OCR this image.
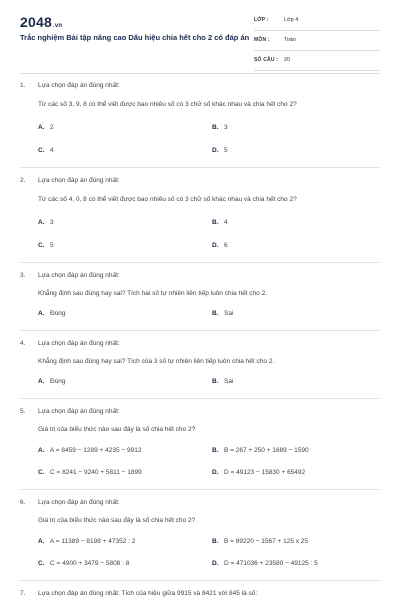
2048.vn
Trắc nghiệm Bài tập nâng cao Dấu hiệu chia hết cho 2 có đáp án
LỚP :	Lớp 4
MÔN :	Toán
SỐ CÂU : 20
1. Lựa chọn đáp án đúng nhất:
Từ các số 3, 9, 8 có thể viết được bao nhiêu số có 3 chữ số khác nhau và chia hết cho 2?
A. 2	B. 3
C. 4	D. 5
2. Lựa chọn đáp án đúng nhất:
Từ các số 4, 0, 8 có thể viết được bao nhiêu số có 3 chữ số khác nhau và chia hết cho 2?
A. 3	B. 4
C. 5	D. 6
3. Lựa chọn đáp án đúng nhất:
Khẳng định sau đúng hay sai? Tích hai số tự nhiên liên tiếp luôn chia hết cho 2.
A. Đúng	B. Sai
4. Lựa chọn đáp án đúng nhất:
Khẳng định sau đúng hay sai? Tích của 3 số tự nhiên liên tiếp luôn chia hết cho 2.
A. Đúng	B. Sai
5. Lựa chọn đáp án đúng nhất:
Giá trị của biểu thức nào sau đây là số chia hết cho 2?
A. A = 8459 − 1289 + 4235 − 9912	B. B = 267 + 250 + 1689 − 1590
C. C = 8241 − 9240 + 5811 − 1899	D. D = 49123 − 15830 + 65492
6. Lựa chọn đáp án đúng nhất:
Giá trị của biểu thức nào sau đây là số chia hết cho 2?
A. A = 11389 − 8198 + 47352 : 2	B. B = 89220 − 1567 + 125 x 25
C. C = 4900 + 3479 − 5808 : 8	D. D = 471036 + 23580 − 49125 : 5
7. Lựa chọn đáp án đúng nhất: Tích của hiệu giữa 9915 và 8421 với 845 là số:
